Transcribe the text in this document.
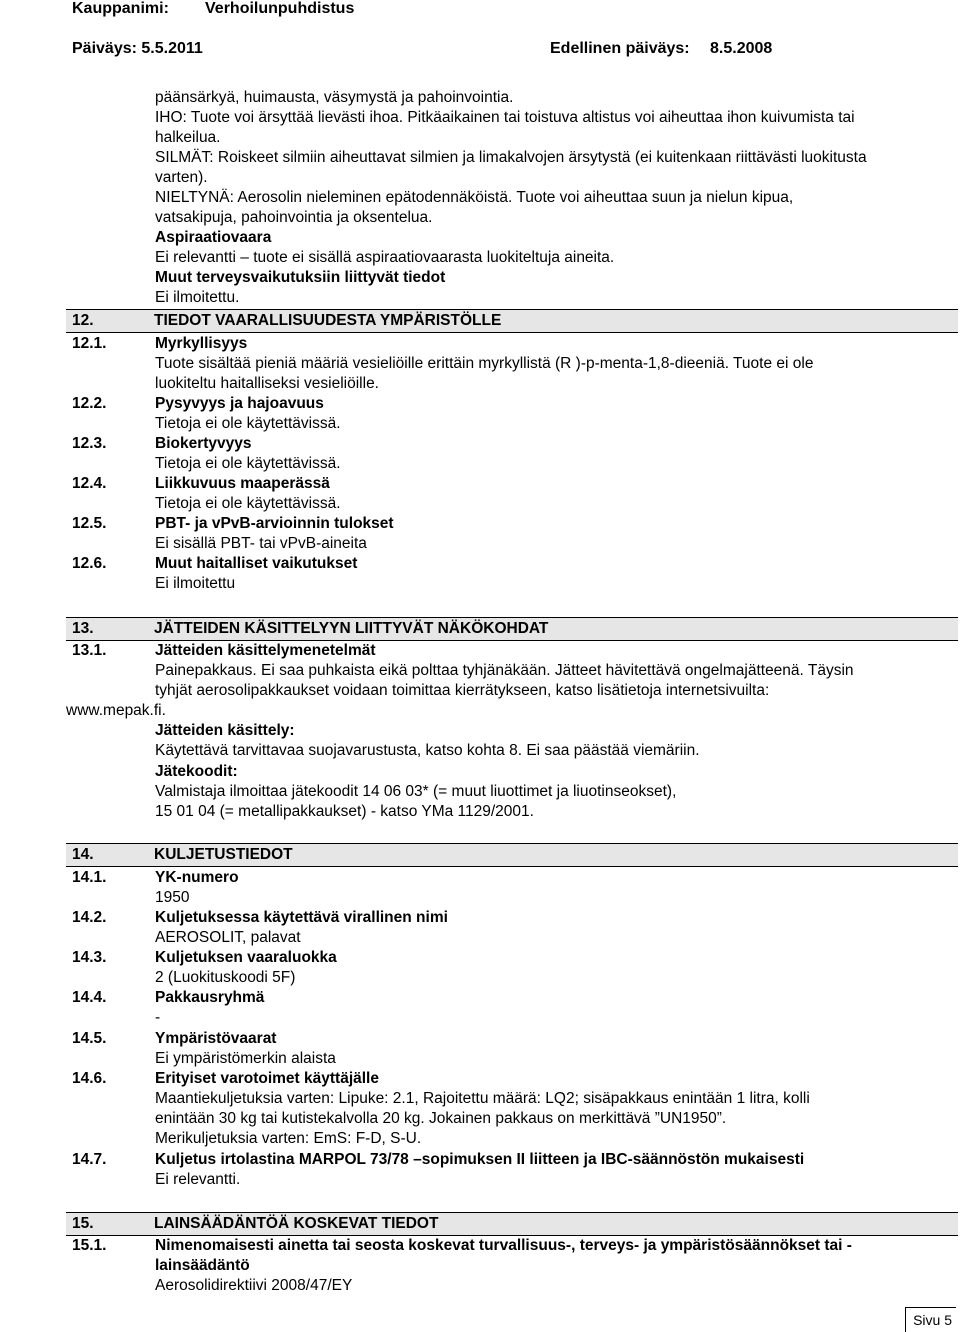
Kauppanimi: Verhoilunpuhdistus
Päiväys: 5.5.2011	Edellinen päiväys: 8.5.2008
päänsärkyä, huimausta, väsymystä ja pahoinvointia.
IHO: Tuote voi ärsyttää lievästi ihoa. Pitkäaikainen tai toistuva altistus voi aiheuttaa ihon kuivumista tai
halkeilua.
SILMÄT: Roiskeet silmiin aiheuttavat silmien ja limakalvojen ärsytystä (ei kuitenkaan riittävästi luokitusta
varten).
NIELTYNÄ: Aerosolin nieleminen epätodennäköistä. Tuote voi aiheuttaa suun ja nielun kipua,
vatsakipuja, pahoinvointia ja oksentelua.
Aspiraatiovaara
Ei relevantti – tuote ei sisällä aspiraatiovaarasta luokiteltuja aineita.
Muut terveysvaikutuksiin liittyvät tiedot
Ei ilmoitettu.
12.	TIEDOT VAARALLISUUDESTA YMPÄRISTÖLLE
12.1.	Myrkyllisyys
Tuote sisältää pieniä määriä vesieliöille erittäin myrkyllistä (R )-p-menta-1,8-dieeniä. Tuote ei ole
luokiteltu haitalliseksi vesieliöille.
12.2.	Pysyvyys ja hajoavuus
Tietoja ei ole käytettävissä.
12.3.	Biokertyvyys
Tietoja ei ole käytettävissä.
12.4.	Liikkuvuus maaperässä
Tietoja ei ole käytettävissä.
12.5.	PBT- ja vPvB-arvioinnin tulokset
Ei sisällä PBT- tai vPvB-aineita
12.6.	Muut haitalliset vaikutukset
Ei ilmoitettu
13.	JÄTTEIDEN KÄSITTELYYN LIITTYVÄT NÄKÖKOHDAT
13.1.	Jätteiden käsittelymenetelmät
Painepakkaus. Ei saa puhkaista eikä polttaa tyhjänäkään. Jätteet hävitettävä ongelmajätteenä. Täysin
tyhjät aerosolipakkaukset voidaan toimittaa kierrätykseen, katso lisätietoja internetsivuilta:
www.mepak.fi.
Jätteiden käsittely:
Käytettävä tarvittavaa suojavarustusta, katso kohta 8. Ei saa päästää viemäriin.
Jätekoodit:
Valmistaja ilmoittaa jätekoodit 14 06 03* (= muut liuottimet ja liuotinseokset),
15 01 04 (= metallipakkaukset) - katso YMa 1129/2001.
14.	KULJETUSTIEDOT
14.1.	YK-numero
1950
14.2.	Kuljetuksessa käytettävä virallinen nimi
AEROSOLIT, palavat
14.3.	Kuljetuksen vaaraluokka
2 (Luokituskoodi 5F)
14.4.	Pakkausryhmä
-
14.5.	Ympäristövaarat
Ei ympäristömerkin alaista
14.6.	Erityiset varotoimet käyttäjälle
Maantiekuljetuksia varten: Lipuke: 2.1, Rajoitettu määrä: LQ2; sisäpakkaus enintään 1 litra, kolli
enintään 30 kg tai kutistekalvolla 20 kg. Jokainen pakkaus on merkittävä ”UN1950”.
Merikuljetuksia varten: EmS: F-D, S-U.
14.7.	Kuljetus irtolastina MARPOL 73/78 –sopimuksen II liitteen ja IBC-säännöstön mukaisesti
Ei relevantti.
15.	LAINSÄÄDÄNTÖÄ KOSKEVAT TIEDOT
15.1.	Nimenomaisesti ainetta tai seosta koskevat turvallisuus-, terveys- ja ympäristösäännökset tai -
lainsäädäntö
Aerosolidirektiivi 2008/47/EY
Sivu 5
